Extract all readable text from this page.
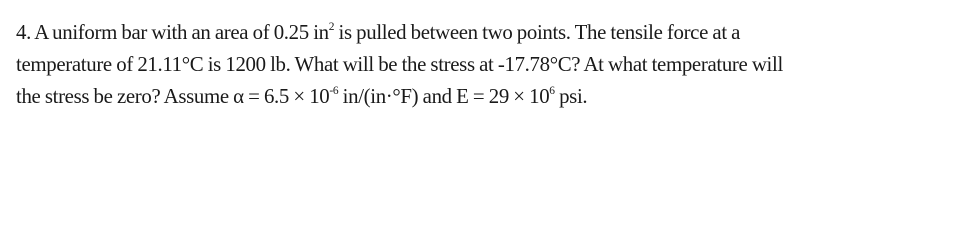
4. A uniform bar with an area of 0.25 $in^2$ is pulled between two points. The tensile force at a
temperature of 21.11°C is 1200 lb. What will be the stress at -17.78°C? At what temperature will
the stress be zero? Assume $\alpha = 6.5 \times 10^{-6}$ in/(in·°F) and $E = 29 \times 10^6$ psi.
